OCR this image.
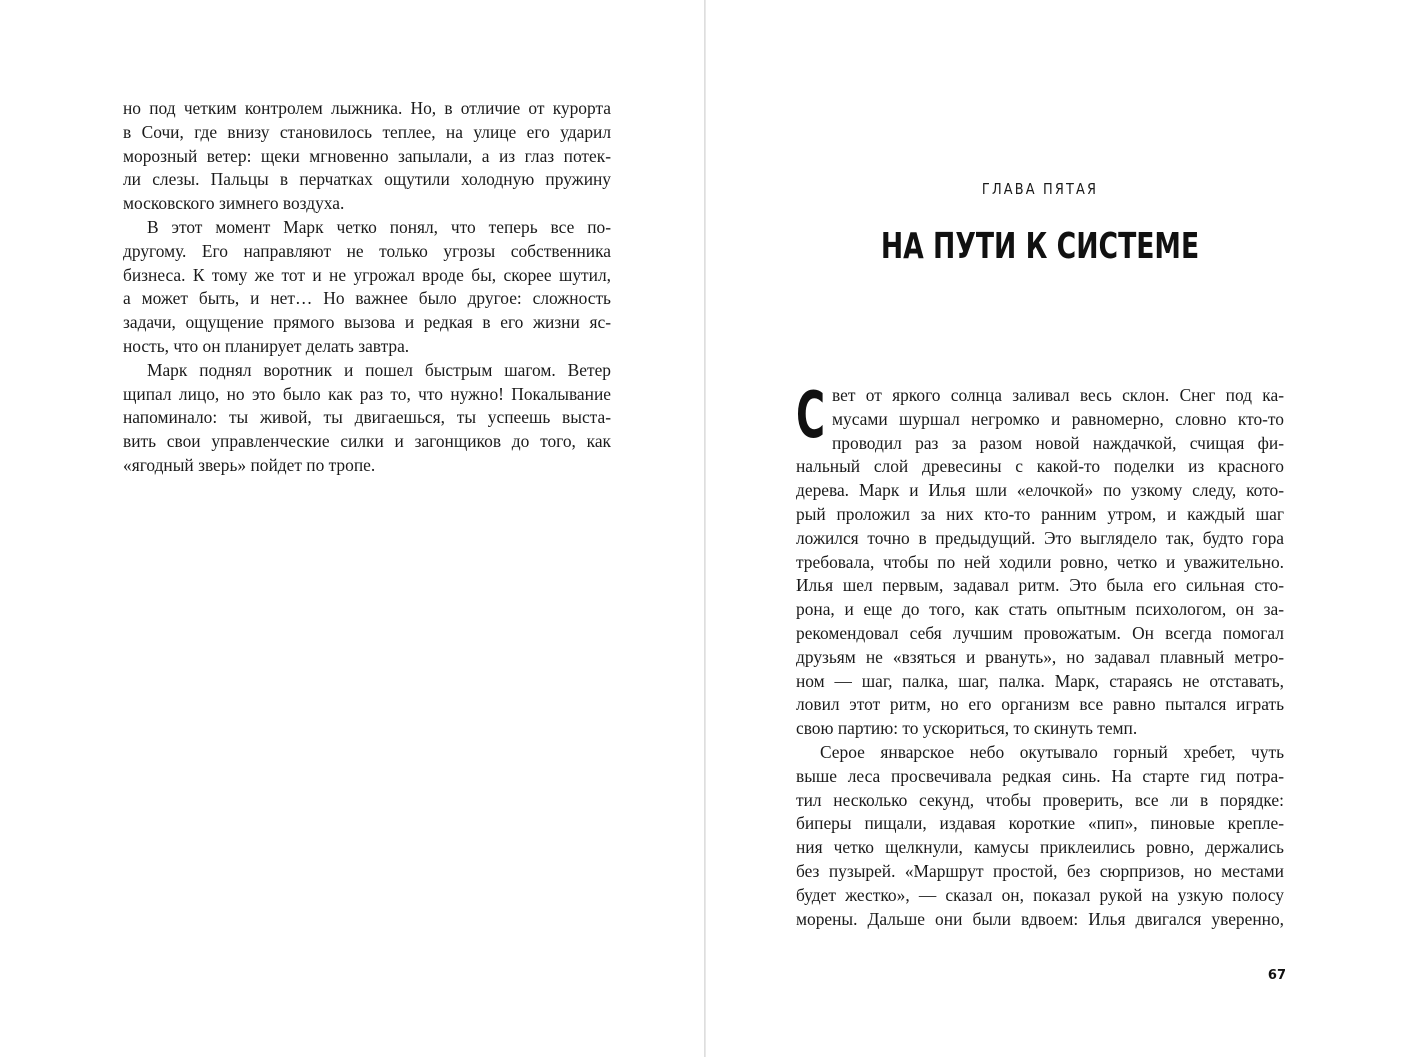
но под четким контролем лыжника. Но, в отличие от курорта
в Сочи, где внизу становилось теплее, на улице его ударил
морозный ветер: щеки мгновенно запылали, а из глаз потек-
ли слезы. Пальцы в перчатках ощутили холодную пружину
московского зимнего воздуха.
В этот момент Марк четко понял, что теперь все по-
другому. Его направляют не только угрозы собственника
бизнеса. К тому же тот и не угрожал вроде бы, скорее шутил,
а может быть, и нет… Но важнее было другое: сложность
задачи, ощущение прямого вызова и редкая в его жизни яс-
ность, что он планирует делать завтра.
Марк поднял воротник и пошел быстрым шагом. Ветер
щипал лицо, но это было как раз то, что нужно! Покалывание
напоминало: ты живой, ты двигаешься, ты успеешь выста-
вить свои управленческие силки и загонщиков до того, как
«ягодный зверь» пойдет по тропе.
ГЛАВА ПЯТАЯ
НА ПУТИ К СИСТЕМЕ
С вет от яркого солнца заливал весь склон. Снег под ка-
мусами шуршал негромко и равномерно, словно кто-то
проводил раз за разом новой наждачкой, счищая фи-
нальный слой древесины с какой-то поделки из красного
дерева. Марк и Илья шли «елочкой» по узкому следу, кото-
рый проложил за них кто-то ранним утром, и каждый шаг
ложился точно в предыдущий. Это выглядело так, будто гора
требовала, чтобы по ней ходили ровно, четко и уважительно.
Илья шел первым, задавал ритм. Это была его сильная сто-
рона, и еще до того, как стать опытным психологом, он за-
рекомендовал себя лучшим провожатым. Он всегда помогал
друзьям не «взяться и рвануть», но задавал плавный метро-
ном — шаг, палка, шаг, палка. Марк, стараясь не отставать,
ловил этот ритм, но его организм все равно пытался играть
свою партию: то ускориться, то скинуть темп.
Серое январское небо окутывало горный хребет, чуть
выше леса просвечивала редкая синь. На старте гид потра-
тил несколько секунд, чтобы проверить, все ли в порядке:
биперы пищали, издавая короткие «пип», пиновые крепле-
ния четко щелкнули, камусы приклеились ровно, держались
без пузырей. «Маршрут простой, без сюрпризов, но местами
будет жестко», — сказал он, показал рукой на узкую полосу
морены. Дальше они были вдвоем: Илья двигался уверенно,
67
